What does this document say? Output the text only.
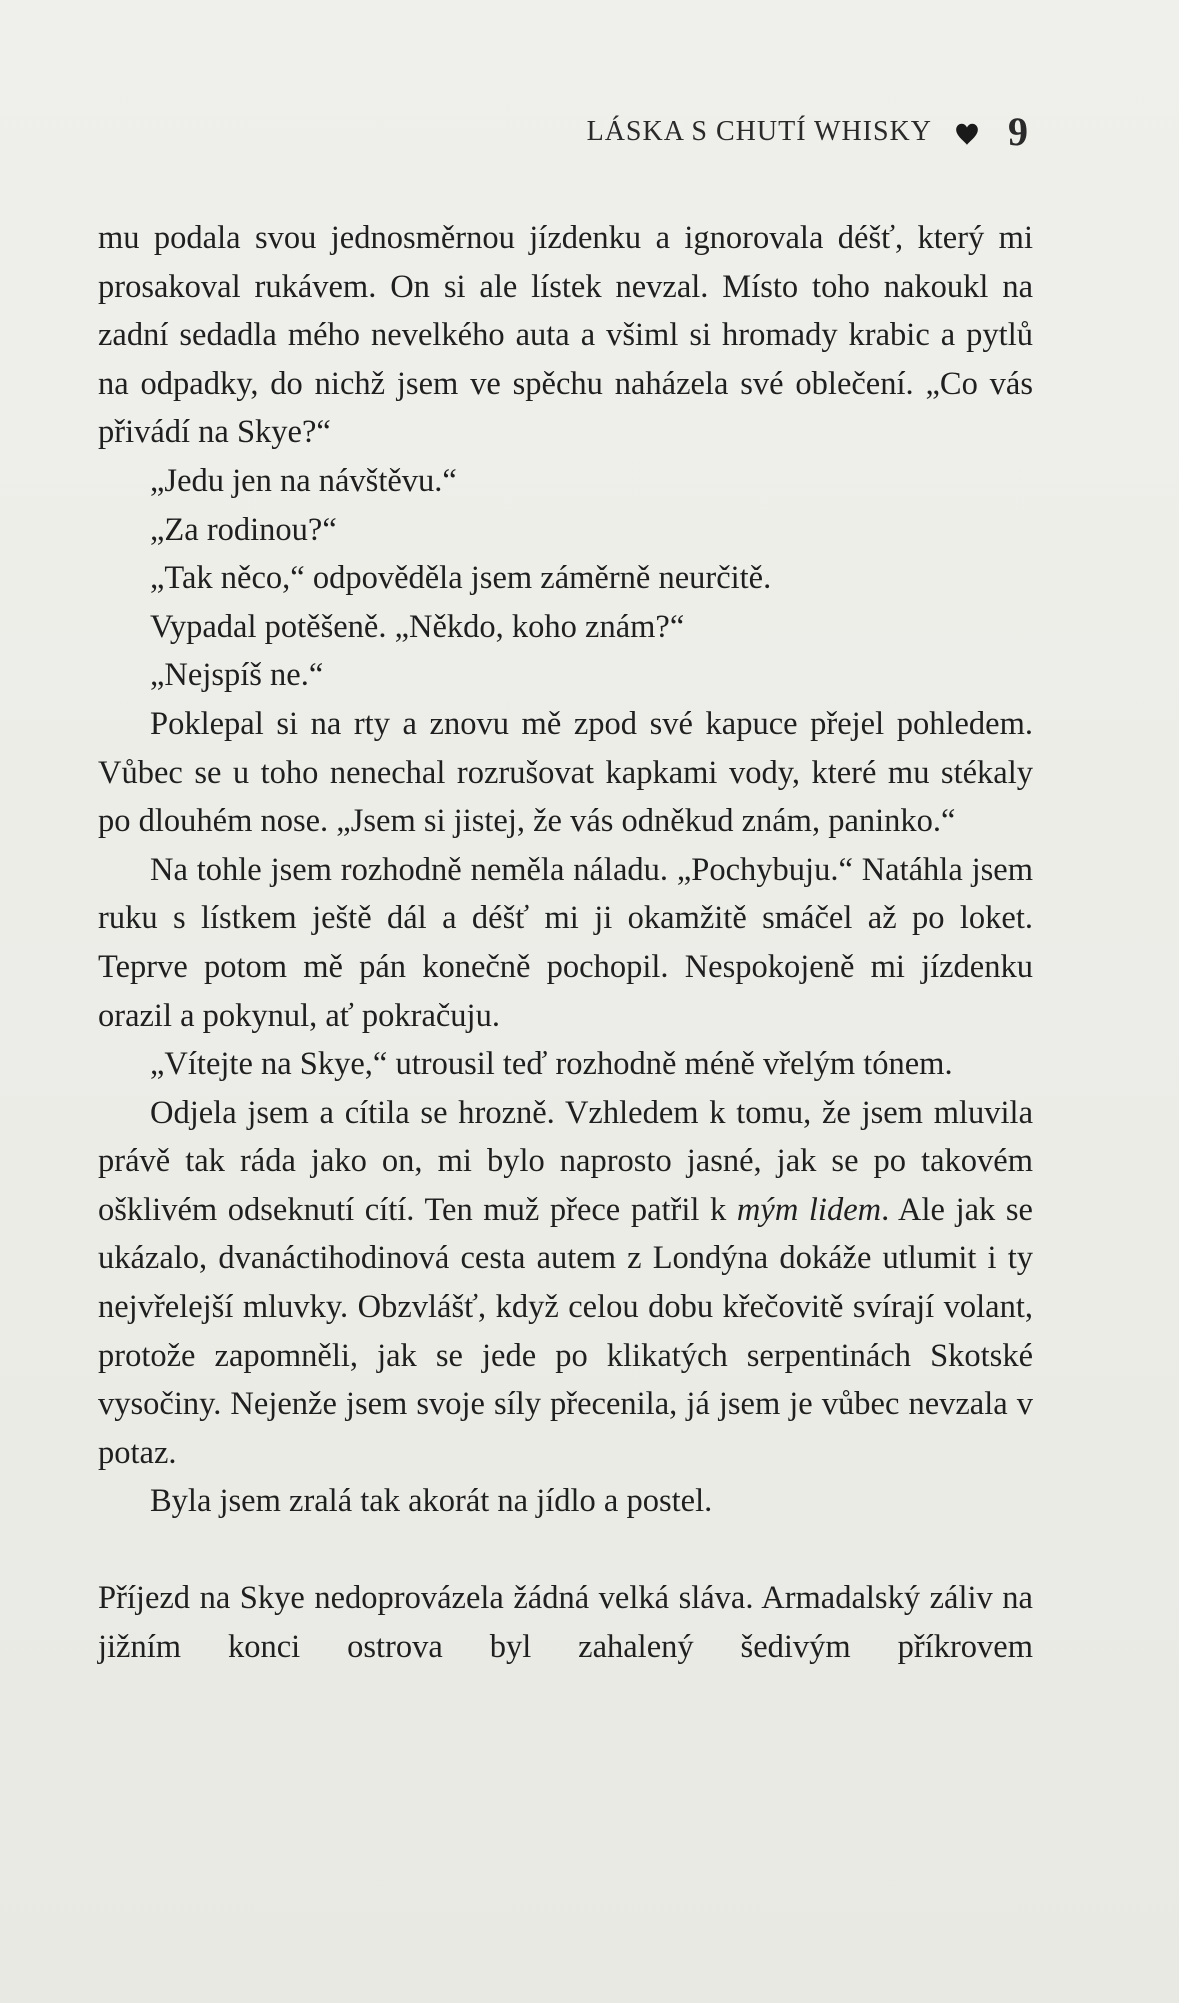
LÁSKA S CHUTÍ WHISKY 9

mu podala svou jednosměrnou jízdenku a ignorovala déšť, který mi prosakoval rukávem. On si ale lístek nevzal. Místo toho nakoukl na zadní sedadla mého nevelkého auta a všiml si hromady krabic a pytlů na odpadky, do nichž jsem ve spěchu naházela své oblečení. „Co vás přivádí na Skye?“

„Jedu jen na návštěvu.“

„Za rodinou?“

„Tak něco,“ odpověděla jsem záměrně neurčitě.

Vypadal potěšeně. „Někdo, koho znám?“

„Nejspíš ne.“

Poklepal si na rty a znovu mě zpod své kapuce přejel pohledem. Vůbec se u toho nenechal rozrušovat kapkami vody, které mu stékaly po dlouhém nose. „Jsem si jistej, že vás odněkud znám, paninko.“

Na tohle jsem rozhodně neměla náladu. „Pochybuju.“ Natáhla jsem ruku s lístkem ještě dál a déšť mi ji okamžitě smáčel až po loket. Teprve potom mě pán konečně pochopil. Nespokojeně mi jízdenku orazil a pokynul, ať pokračuju.

„Vítejte na Skye,“ utrousil teď rozhodně méně vřelým tónem.

Odjela jsem a cítila se hrozně. Vzhledem k tomu, že jsem mluvila právě tak ráda jako on, mi bylo naprosto jasné, jak se po takovém ošklivém odseknutí cítí. Ten muž přece patřil k mým lidem. Ale jak se ukázalo, dvanáctihodinová cesta autem z Londýna dokáže utlumit i ty nejvřelejší mluvky. Obzvlášť, když celou dobu křečovitě svírají volant, protože zapomněli, jak se jede po klikatých serpentinách Skotské vysočiny. Nejenže jsem svoje síly přecenila, já jsem je vůbec nevzala v potaz.

Byla jsem zralá tak akorát na jídlo a postel.

Příjezd na Skye nedoprovázela žádná velká sláva. Armadalský záliv na jižním konci ostrova byl zahalený šedivým příkrovem
